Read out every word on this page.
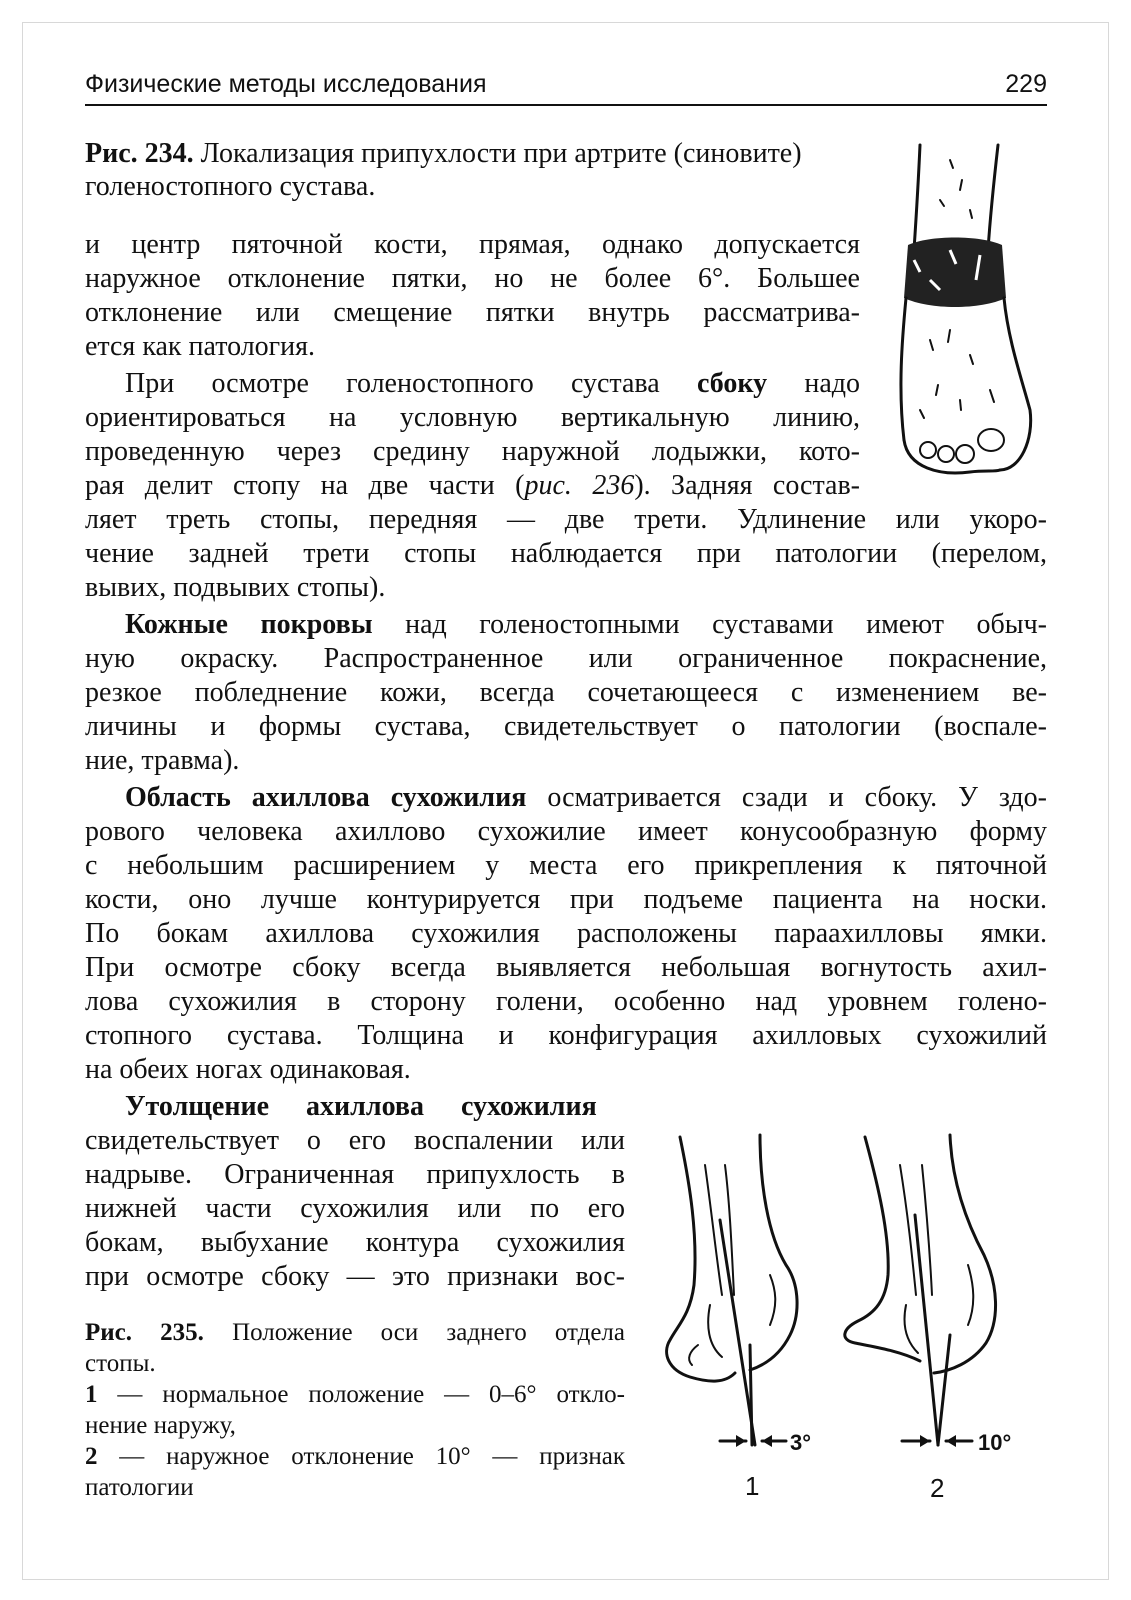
Физические методы исследования	229
Рис. 234. Локализация припухлости при артрите (синовите)
голеностопного сустава.
и центр пяточной кости, прямая, однако допускается
наружное отклонение пятки, но не более 6°. Большее
отклонение или смещение пятки внутрь рассматрива-
ется как патология.
При осмотре голеностопного сустава сбоку надо
ориентироваться на условную вертикальную линию,
проведенную через средину наружной лодыжки, кото-
рая делит стопу на две части (рис. 236). Задняя состав-
ляет треть стопы, передняя — две трети. Удлинение или укоро-
чение задней трети стопы наблюдается при патологии (перелом,
вывих, подвывих стопы).
Кожные покровы над голеностопными суставами имеют обыч-
ную окраску. Распространенное или ограниченное покраснение,
резкое побледнение кожи, всегда сочетающееся с изменением ве-
личины и формы сустава, свидетельствует о патологии (воспале-
ние, травма).
Область ахиллова сухожилия осматривается сзади и сбоку. У здо-
рового человека ахиллово сухожилие имеет конусообразную форму
с небольшим расширением у места его прикрепления к пяточной
кости, оно лучше контурируется при подъеме пациента на носки.
По бокам ахиллова сухожилия расположены параахилловы ямки.
При осмотре сбоку всегда выявляется небольшая вогнутость ахил-
лова сухожилия в сторону голени, особенно над уровнем голено-
стопного сустава. Толщина и конфигурация ахилловых сухожилий
на обеих ногах одинаковая.
Утолщение ахиллова сухожилия
свидетельствует о его воспалении или
надрыве. Ограниченная припухлость в
нижней части сухожилия или по его
бокам, выбухание контура сухожилия
при осмотре сбоку — это признаки вос-
Рис. 235. Положение оси заднего отдела
стопы.
1 — нормальное положение — 0–6° откло-
нение наружу,
2 — наружное отклонение 10° — признак
патологии
3°
1
10°
2
